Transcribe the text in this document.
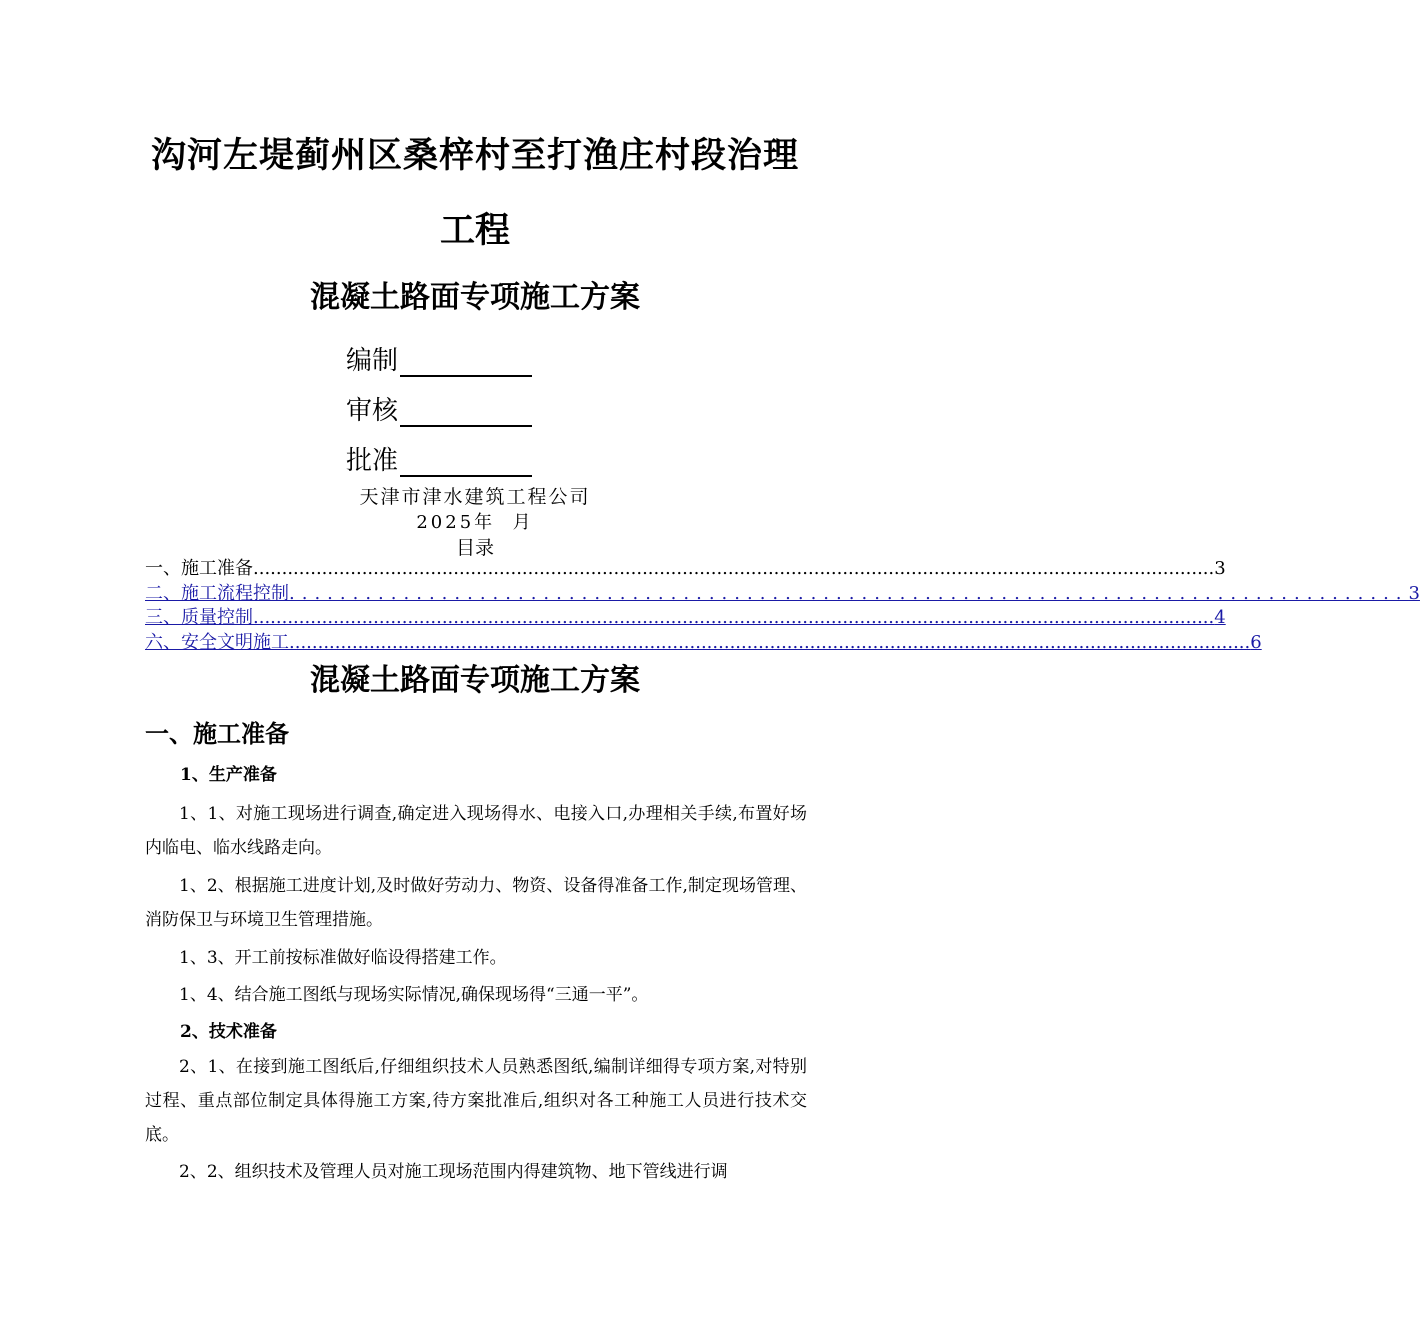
沟河左堤蓟州区桑梓村至打渔庄村段治理
工程
混凝土路面专项施工方案
编制
审核
批准
天津市津水建筑工程公司
2025年  月
目录
一、施工准备 ........................................................................................................................................................................ 3
二、施工流程控制 ........................................................................................ 3
三、质量控制 ........................................................................................................................................................................ 4
六、安全文明施工 ........................................................................................................................................................................ 6
混凝土路面专项施工方案
一、施工准备
1、生产准备
1、1、对施工现场进行调查,确定进入现场得水、电接入口,办理相关手续,布置好场内临电、临水线路走向。
1、2、根据施工进度计划,及时做好劳动力、物资、设备得准备工作,制定现场管理、消防保卫与环境卫生管理措施。
1、3、开工前按标准做好临设得搭建工作。
1、4、结合施工图纸与现场实际情况,确保现场得“三通一平”。
2、技术准备
2、1、在接到施工图纸后,仔细组织技术人员熟悉图纸,编制详细得专项方案,对特别过程、重点部位制定具体得施工方案,待方案批准后,组织对各工种施工人员进行技术交底。
2、2、组织技术及管理人员对施工现场范围内得建筑物、地下管线进行调
